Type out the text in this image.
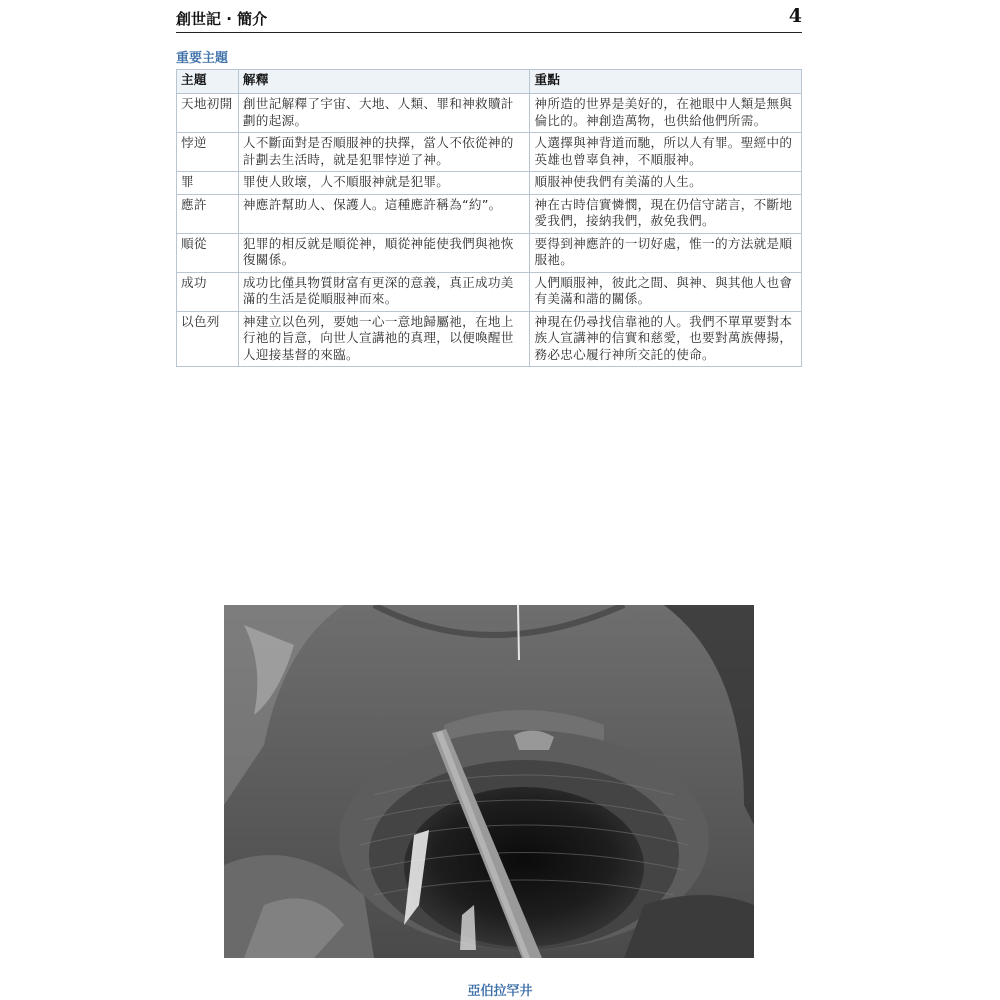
創世記 · 簡介	4
重要主題
主題	解釋	重點
天地初開	創世記解釋了宇宙、大地、人類、罪和神救贖計劃的起源。	神所造的世界是美好的，在祂眼中人類是無與倫比的。神創造萬物，也供給他們所需。
悖逆	人不斷面對是否順服神的抉擇，當人不依從神的計劃去生活時，就是犯罪悖逆了神。	人選擇與神背道而馳，所以人有罪。聖經中的英雄也曾辜負神，不順服神。
罪	罪使人敗壞，人不順服神就是犯罪。	順服神使我們有美滿的人生。
應許	神應許幫助人、保護人。這種應許稱為“約”。	神在古時信實憐憫，現在仍信守諾言，不斷地愛我們，接納我們，赦免我們。
順從	犯罪的相反就是順從神，順從神能使我們與祂恢復關係。	要得到神應許的一切好處，惟一的方法就是順服祂。
成功	成功比僅具物質財富有更深的意義，真正成功美滿的生活是從順服神而來。	人們順服神，彼此之間、與神、與其他人也會有美滿和諧的關係。
以色列	神建立以色列，要她一心一意地歸屬祂，在地上行祂的旨意，向世人宣講祂的真理，以便喚醒世人迎接基督的來臨。	神現在仍尋找信靠祂的人。我們不單單要對本族人宣講神的信實和慈愛，也要對萬族傳揚，務必忠心履行神所交託的使命。
亞伯拉罕井
